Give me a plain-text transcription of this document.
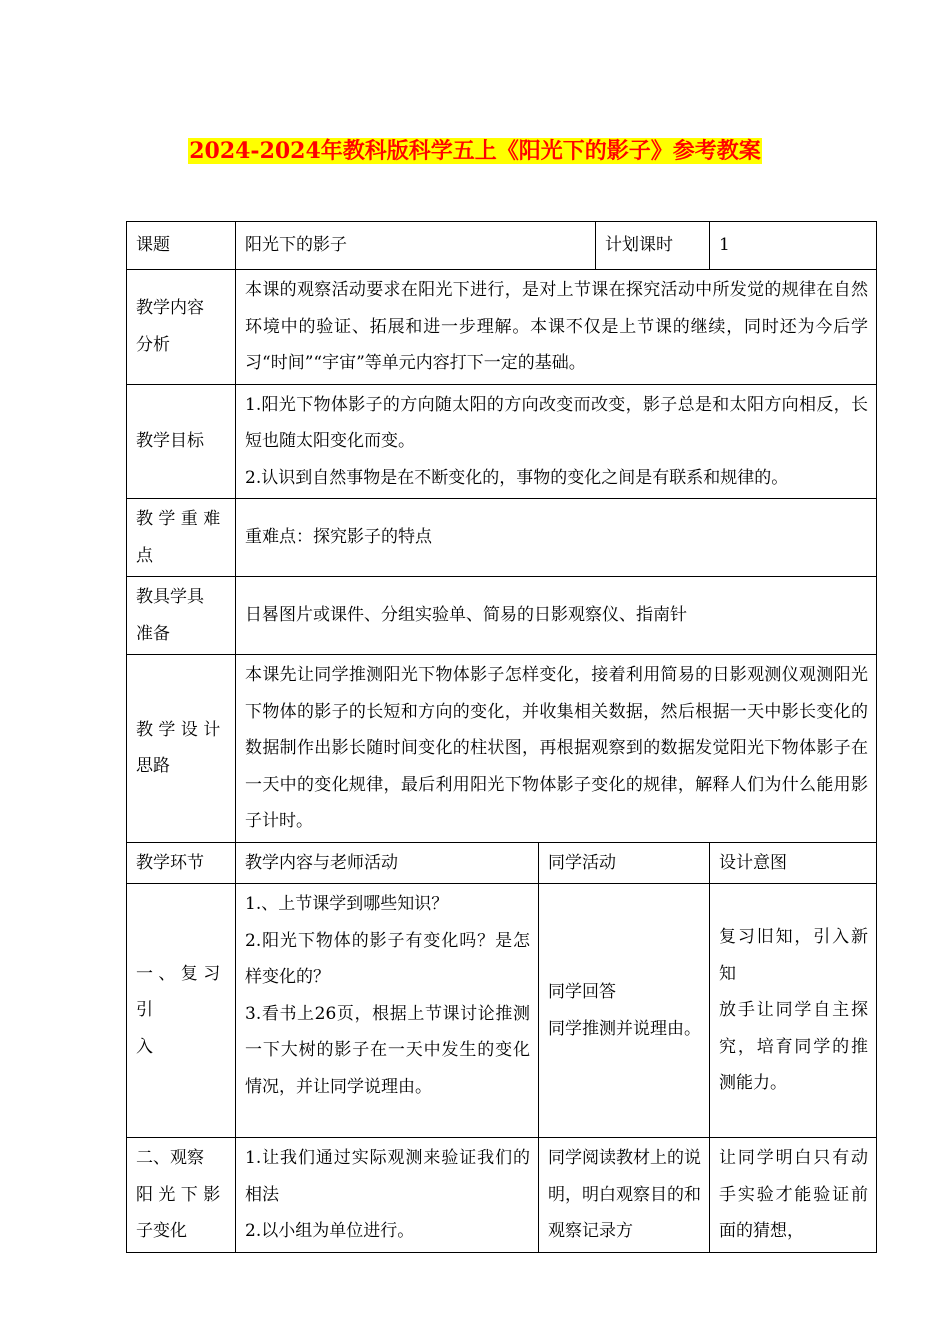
2024-2024年教科版科学五上《阳光下的影子》参考教案
课题	阳光下的影子		计划课时	1

教学内容
分析	本课的观察活动要求在阳光下进行，是对上节课在探究活动中所发觉的规律在自然环境中的验证、拓展和进一步理解。本课不仅是上节课的继续，同时还为今后学习“时间”“宇宙”等单元内容打下一定的基础。			
教学目标	1.阳光下物体影子的方向随太阳的方向改变而改变，影子总是和太阳方向相反，长短也随太阳变化而变。
2.认识到自然事物是在不断变化的，事物的变化之间是有联系和规律的。			

教 学 重 难
点	重难点：探究影子的特点			

教具学具
准备	日晷图片或课件、分组实验单、简易的日影观察仪、指南针			

教 学 设 计
思路	本课先让同学推测阳光下物体影子怎样变化，接着利用简易的日影观测仪观测阳光下物体的影子的长短和方向的变化，并收集相关数据，然后根据一天中影长变化的数据制作出影长随时间变化的柱状图，再根据观察到的数据发觉阳光下物体影子在一天中的变化规律，最后利用阳光下物体影子变化的规律，解释人们为什么能用影子计时。			
教学环节	教学内容与老师活动	同学活动		设计意图

一 、 复 习
引
入	1.、上节课学到哪些知识？
2.阳光下物体的影子有变化吗？是怎样变化的？
3.看书上26页，根据上节课讨论推测一下大树的影子在一天中发生的变化情况，并让同学说理由。	同学回答
同学推测并说理由。		复习旧知，引入新知
放手让同学自主探究，培育同学的推测能力。

二、观察
阳 光 下 影
子变化	1.让我们通过实际观测来验证我们的相法
2.以小组为单位进行。	同学阅读教材上的说明，明白观察目的和观察记录方		让同学明白只有动手实验才能验证前面的猜想，
